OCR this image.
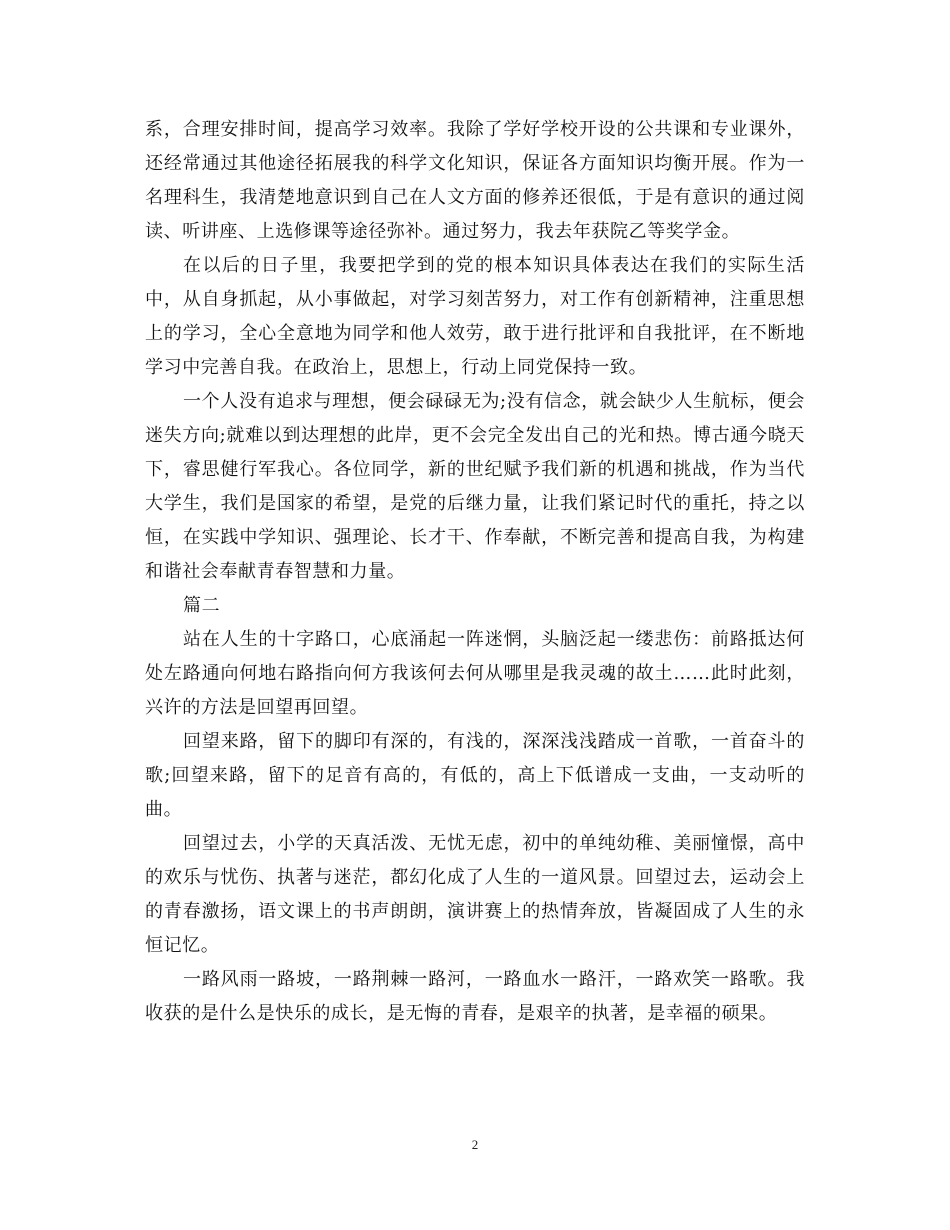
系，合理安排时间，提高学习效率。我除了学好学校开设的公共课和专业课外，还经常通过其他途径拓展我的科学文化知识，保证各方面知识均衡开展。作为一名理科生，我清楚地意识到自己在人文方面的修养还很低，于是有意识的通过阅读、听讲座、上选修课等途径弥补。通过努力，我去年获院乙等奖学金。

在以后的日子里，我要把学到的党的根本知识具体表达在我们的实际生活中，从自身抓起，从小事做起，对学习刻苦努力，对工作有创新精神，注重思想上的学习，全心全意地为同学和他人效劳，敢于进行批评和自我批评，在不断地学习中完善自我。在政治上，思想上，行动上同党保持一致。

一个人没有追求与理想，便会碌碌无为;没有信念，就会缺少人生航标，便会迷失方向;就难以到达理想的此岸，更不会完全发出自己的光和热。博古通今晓天下，睿思健行军我心。各位同学，新的世纪赋予我们新的机遇和挑战，作为当代大学生，我们是国家的希望，是党的后继力量，让我们紧记时代的重托，持之以恒，在实践中学知识、强理论、长才干、作奉献，不断完善和提高自我，为构建和谐社会奉献青春智慧和力量。

篇二

站在人生的十字路口，心底涌起一阵迷惘，头脑泛起一缕悲伤：前路抵达何处左路通向何地右路指向何方我该何去何从哪里是我灵魂的故土……此时此刻，兴许的方法是回望再回望。

回望来路，留下的脚印有深的，有浅的，深深浅浅踏成一首歌，一首奋斗的歌;回望来路，留下的足音有高的，有低的，高上下低谱成一支曲，一支动听的曲。

回望过去，小学的天真活泼、无忧无虑，初中的单纯幼稚、美丽憧憬，高中的欢乐与忧伤、执著与迷茫，都幻化成了人生的一道风景。回望过去，运动会上的青春激扬，语文课上的书声朗朗，演讲赛上的热情奔放，皆凝固成了人生的永恒记忆。

一路风雨一路坡，一路荆棘一路河，一路血水一路汗，一路欢笑一路歌。我收获的是什么是快乐的成长，是无悔的青春，是艰辛的执著，是幸福的硕果。

2
